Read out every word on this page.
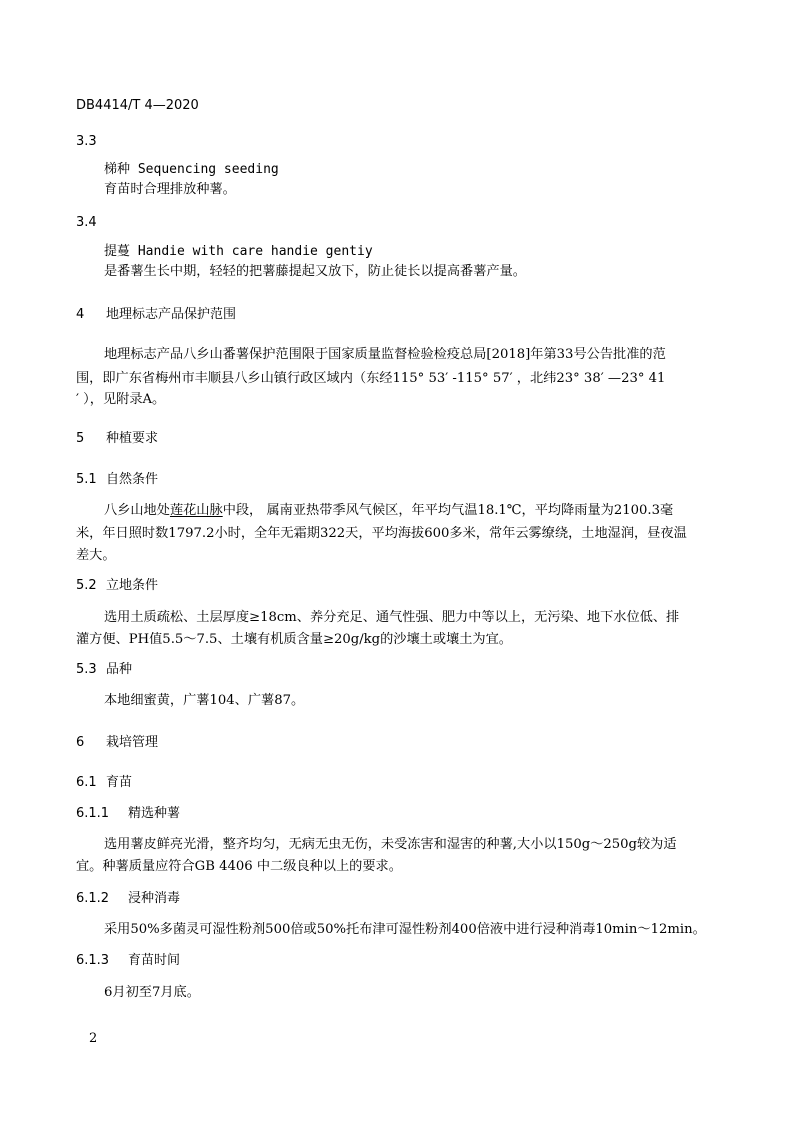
DB4414/T 4—2020
3.3
梯种 Sequencing seeding
育苗时合理排放种薯。
3.4
提蔓 Handie with care handie gentiy
是番薯生长中期，轻轻的把薯藤提起又放下，防止徒长以提高番薯产量。
4 地理标志产品保护范围
地理标志产品八乡山番薯保护范围限于国家质量监督检验检疫总局[2018]年第33号公告批准的范
围，即广东省梅州市丰顺县八乡山镇行政区域内（东经115° 53′ -115° 57′ ，北纬23° 38′ —23° 41
′ ），见附录A。
5 种植要求
5.1 自然条件
八乡山地处莲花山脉中段， 属南亚热带季风气候区，年平均气温18.1℃，平均降雨量为2100.3毫
米，年日照时数1797.2小时，全年无霜期322天，平均海拔600多米，常年云雾缭绕，土地湿润，昼夜温
差大。
5.2 立地条件
选用土质疏松、土层厚度≥18cm、养分充足、通气性强、肥力中等以上，无污染、地下水位低、排
灌方便、PH值5.5～7.5、土壤有机质含量≥20g/kg的沙壤土或壤土为宜。
5.3 品种
本地细蜜黄，广薯104、广薯87。
6 栽培管理
6.1 育苗
6.1.1 精选种薯
选用薯皮鲜亮光滑，整齐均匀，无病无虫无伤，未受冻害和湿害的种薯,大小以150g～250g较为适
宜。种薯质量应符合GB 4406 中二级良种以上的要求。
6.1.2 浸种消毒
采用50%多菌灵可湿性粉剂500倍或50%托布津可湿性粉剂400倍液中进行浸种消毒10min～12min。
6.1.3 育苗时间
6月初至7月底。
2
